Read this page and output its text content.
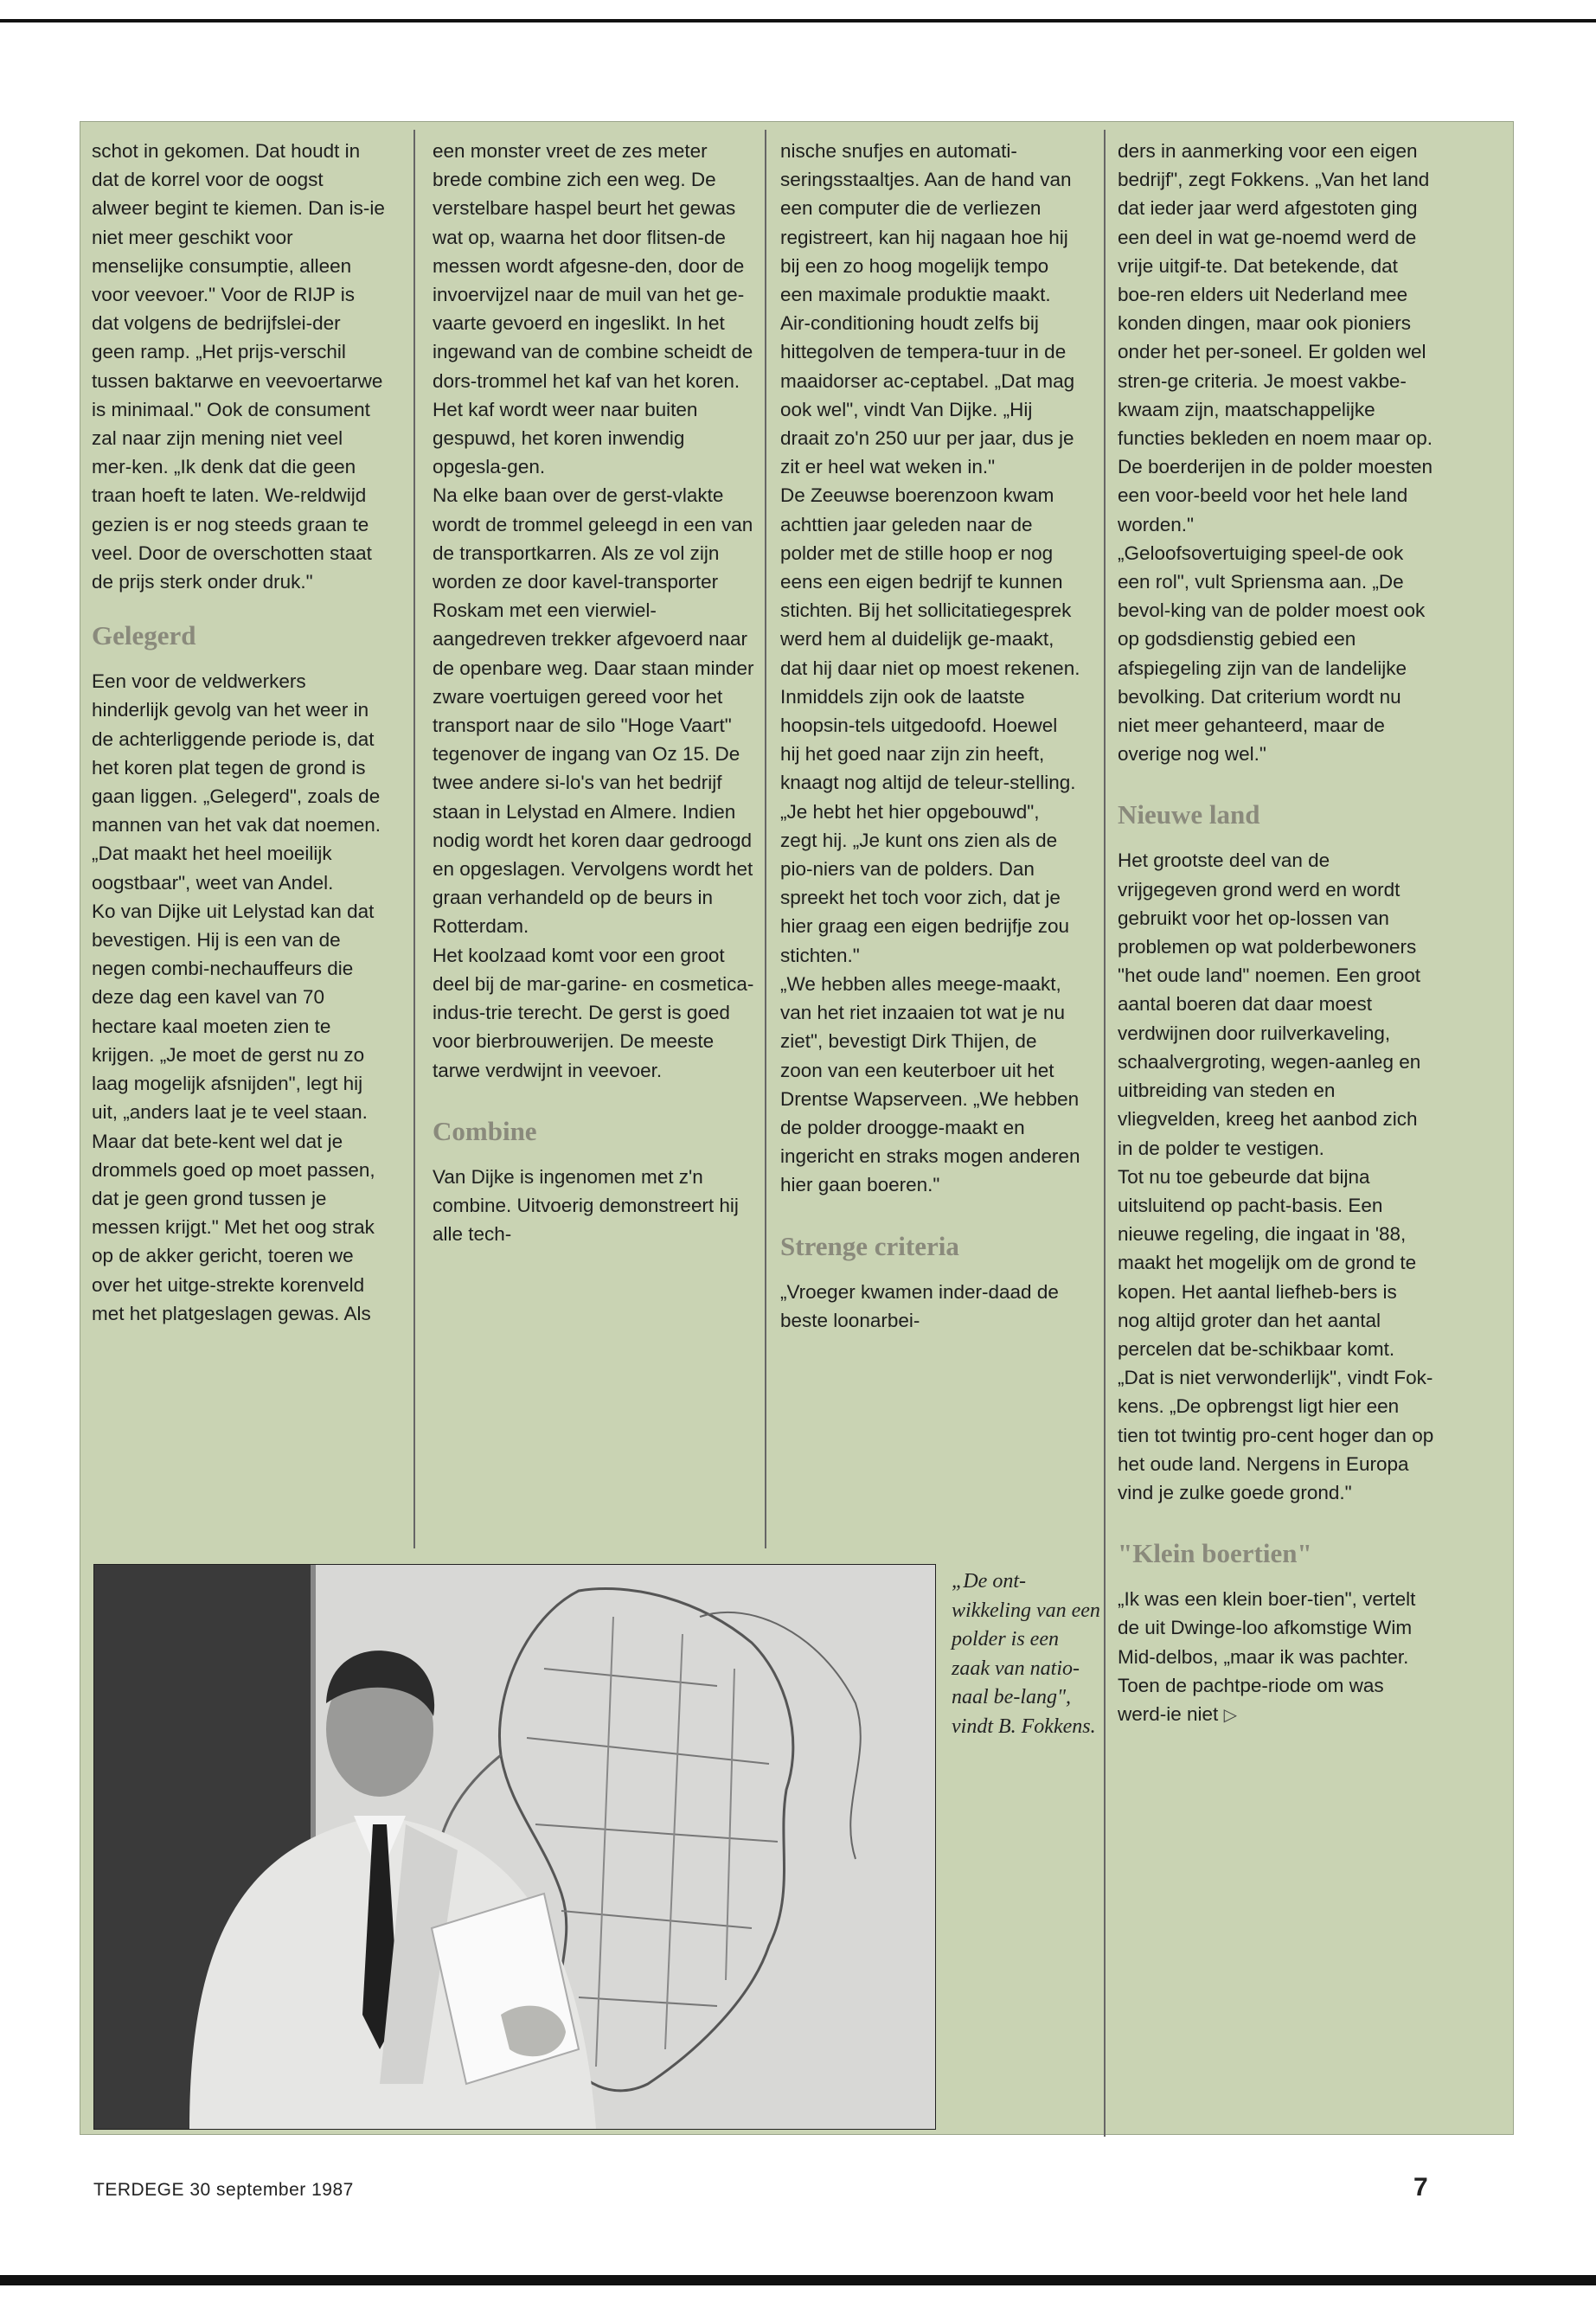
schot in gekomen. Dat houdt in dat de korrel voor de oogst alweer begint te kiemen. Dan is-ie niet meer geschikt voor menselijke consumptie, alleen voor veevoer." Voor de RIJP is dat volgens de bedrijfslei-der geen ramp. „Het prijs-verschil tussen baktarwe en veevoertarwe is minimaal." Ook de consument zal naar zijn mening niet veel mer-ken. „Ik denk dat die geen traan hoeft te laten. We-reldwijd gezien is er nog steeds graan te veel. Door de overschotten staat de prijs sterk onder druk."

Gelegerd

Een voor de veldwerkers hinderlijk gevolg van het weer in de achterliggende periode is, dat het koren plat tegen de grond is gaan liggen. „Gelegerd", zoals de mannen van het vak dat noemen. „Dat maakt het heel moeilijk oogstbaar", weet van Andel.

Ko van Dijke uit Lelystad kan dat bevestigen. Hij is een van de negen combi-nechauffeurs die deze dag een kavel van 70 hectare kaal moeten zien te krijgen. „Je moet de gerst nu zo laag mogelijk afsnijden", legt hij uit, „anders laat je te veel staan. Maar dat bete-kent wel dat je drommels goed op moet passen, dat je geen grond tussen je messen krijgt." Met het oog strak op de akker gericht, toeren we over het uitge-strekte korenveld met het platgeslagen gewas. Als

een monster vreet de zes meter brede combine zich een weg. De verstelbare haspel beurt het gewas wat op, waarna het door flitsen-de messen wordt afgesne-den, door de invoervijzel naar de muil van het ge-vaarte gevoerd en ingeslikt. In het ingewand van de combine scheidt de dors-trommel het kaf van het koren. Het kaf wordt weer naar buiten gespuwd, het koren inwendig opgesla-gen.

Na elke baan over de gerst-vlakte wordt de trommel geleegd in een van de transportkarren. Als ze vol zijn worden ze door kavel-transporter Roskam met een vierwiel-aangedreven trekker afgevoerd naar de openbare weg. Daar staan minder zware voertuigen gereed voor het transport naar de silo "Hoge Vaart" tegenover de ingang van Oz 15. De twee andere si-lo's van het bedrijf staan in Lelystad en Almere. Indien nodig wordt het koren daar gedroogd en opgeslagen. Vervolgens wordt het graan verhandeld op de beurs in Rotterdam.

Het koolzaad komt voor een groot deel bij de mar-garine- en cosmetica-indus-trie terecht. De gerst is goed voor bierbrouwerijen. De meeste tarwe verdwijnt in veevoer.

Combine

Van Dijke is ingenomen met z'n combine. Uitvoerig demonstreert hij alle tech-

nische snufjes en automati-seringsstaaltjes. Aan de hand van een computer die de verliezen registreert, kan hij nagaan hoe hij bij een zo hoog mogelijk tempo een maximale produktie maakt. Air-conditioning houdt zelfs bij hittegolven de tempera-tuur in de maaidorser ac-ceptabel. „Dat mag ook wel", vindt Van Dijke. „Hij draait zo'n 250 uur per jaar, dus je zit er heel wat weken in."

De Zeeuwse boerenzoon kwam achttien jaar geleden naar de polder met de stille hoop er nog eens een eigen bedrijf te kunnen stichten. Bij het sollicitatiegesprek werd hem al duidelijk ge-maakt, dat hij daar niet op moest rekenen. Inmiddels zijn ook de laatste hoopsin-tels uitgedoofd. Hoewel hij het goed naar zijn zin heeft, knaagt nog altijd de teleur-stelling. „Je hebt het hier opgebouwd", zegt hij. „Je kunt ons zien als de pio-niers van de polders. Dan spreekt het toch voor zich, dat je hier graag een eigen bedrijfje zou stichten."

„We hebben alles meege-maakt, van het riet inzaaien tot wat je nu ziet", bevestigt Dirk Thijen, de zoon van een keuterboer uit het Drentse Wapserveen. „We hebben de polder droogge-maakt en ingericht en straks mogen anderen hier gaan boeren."

Strenge criteria

„Vroeger kwamen inder-daad de beste loonarbei-

ders in aanmerking voor een eigen bedrijf", zegt Fokkens. „Van het land dat ieder jaar werd afgestoten ging een deel in wat ge-noemd werd de vrije uitgif-te. Dat betekende, dat boe-ren elders uit Nederland mee konden dingen, maar ook pioniers onder het per-soneel. Er golden wel stren-ge criteria. Je moest vakbe-kwaam zijn, maatschappelijke functies bekleden en noem maar op. De boerderijen in de polder moesten een voor-beeld voor het hele land worden."

„Geloofsovertuiging speel-de ook een rol", vult Spriensma aan. „De bevol-king van de polder moest ook op godsdienstig gebied een afspiegeling zijn van de landelijke bevolking. Dat criterium wordt nu niet meer gehanteerd, maar de overige nog wel."

Nieuwe land

Het grootste deel van de vrijgegeven grond werd en wordt gebruikt voor het op-lossen van problemen op wat polderbewoners "het oude land" noemen. Een groot aantal boeren dat daar moest verdwijnen door ruilverkaveling, schaalvergroting, wegen-aanleg en uitbreiding van steden en vliegvelden, kreeg het aanbod zich in de polder te vestigen.

Tot nu toe gebeurde dat bijna uitsluitend op pacht-basis. Een nieuwe regeling, die ingaat in '88, maakt het mogelijk om de grond te kopen. Het aantal liefheb-bers is nog altijd groter dan het aantal percelen dat be-schikbaar komt. „Dat is niet verwonderlijk", vindt Fok-kens. „De opbrengst ligt hier een tien tot twintig pro-cent hoger dan op het oude land. Nergens in Europa vind je zulke goede grond."

"Klein boertien"

„Ik was een klein boer-tien", vertelt de uit Dwinge-loo afkomstige Wim Mid-delbos, „maar ik was pachter. Toen de pachtpe-riode om was werd-ie niet ▷

„De ont-wikkeling van een polder is een zaak van natio-naal be-lang", vindt B. Fokkens.
TERDEGE 30 september 1987	7
